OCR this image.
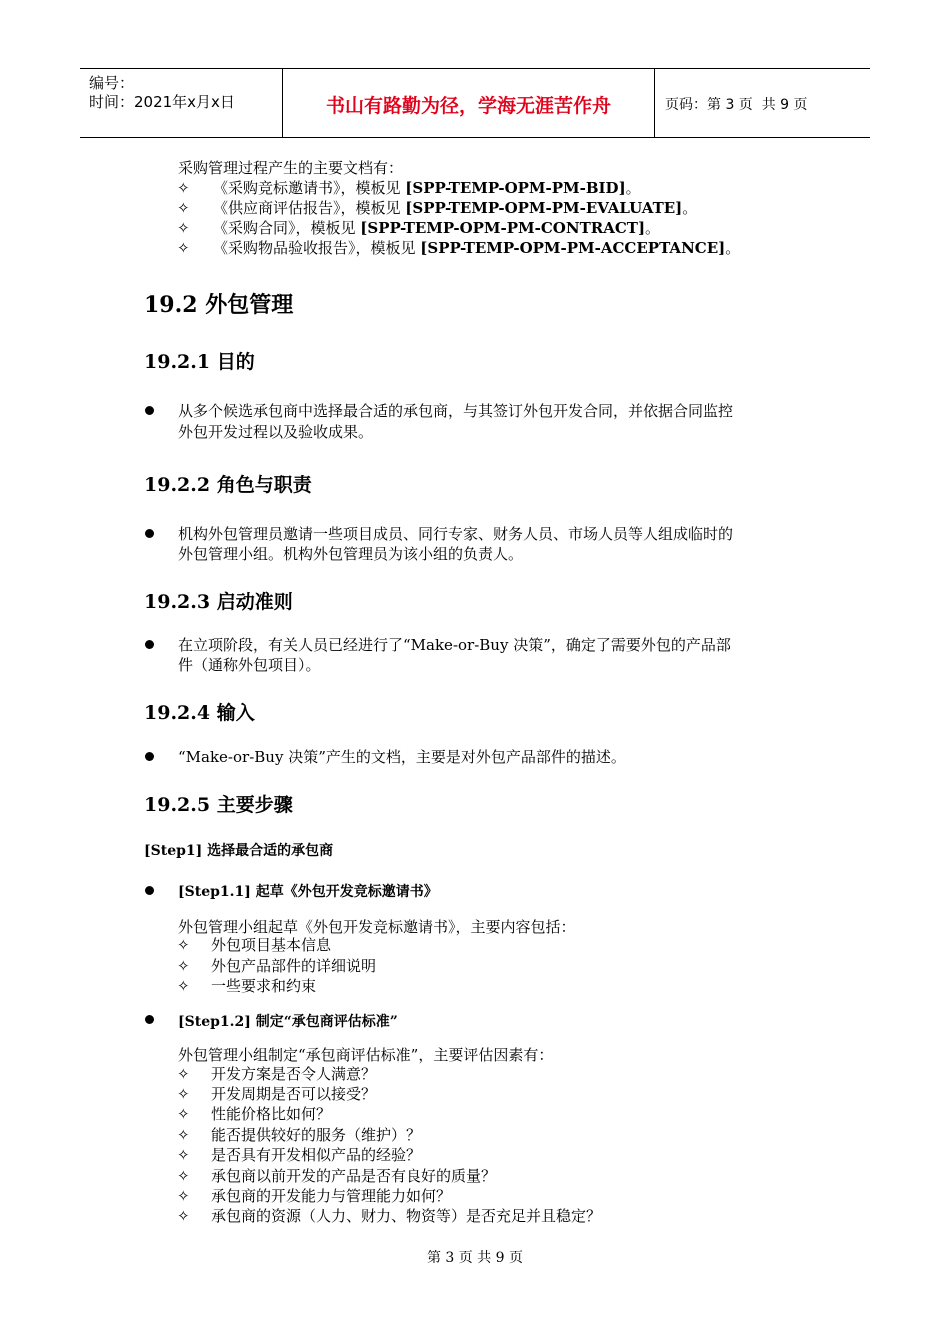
编号：
时间：2021年x月x日	书山有路勤为径，学海无涯苦作舟	页码：第 3 页  共 9 页
采购管理过程产生的主要文档有：
✧ 《采购竞标邀请书》，模板见 [SPP-TEMP-OPM-PM-BID]。
✧ 《供应商评估报告》，模板见 [SPP-TEMP-OPM-PM-EVALUATE]。
✧ 《采购合同》，模板见 [SPP-TEMP-OPM-PM-CONTRACT]。
✧ 《采购物品验收报告》，模板见 [SPP-TEMP-OPM-PM-ACCEPTANCE]。
19.2 外包管理
19.2.1 目的
从多个候选承包商中选择最合适的承包商，与其签订外包开发合同，并依据合同监控
外包开发过程以及验收成果。
19.2.2 角色与职责
机构外包管理员邀请一些项目成员、同行专家、财务人员、市场人员等人组成临时的
外包管理小组。机构外包管理员为该小组的负责人。
19.2.3 启动准则
在立项阶段，有关人员已经进行了“Make-or-Buy 决策”，确定了需要外包的产品部
件（通称外包项目）。
19.2.4 输入
“Make-or-Buy 决策”产生的文档，主要是对外包产品部件的描述。
19.2.5 主要步骤
[Step1] 选择最合适的承包商
[Step1.1] 起草《外包开发竞标邀请书》
外包管理小组起草《外包开发竞标邀请书》，主要内容包括：
✧ 外包项目基本信息
✧ 外包产品部件的详细说明
✧ 一些要求和约束
[Step1.2] 制定“承包商评估标准”
外包管理小组制定“承包商评估标准”，主要评估因素有：
✧ 开发方案是否令人满意？
✧ 开发周期是否可以接受？
✧ 性能价格比如何？
✧ 能否提供较好的服务（维护）？
✧ 是否具有开发相似产品的经验？
✧ 承包商以前开发的产品是否有良好的质量？
✧ 承包商的开发能力与管理能力如何？
✧ 承包商的资源（人力、财力、物资等）是否充足并且稳定？
第 3 页 共 9 页
